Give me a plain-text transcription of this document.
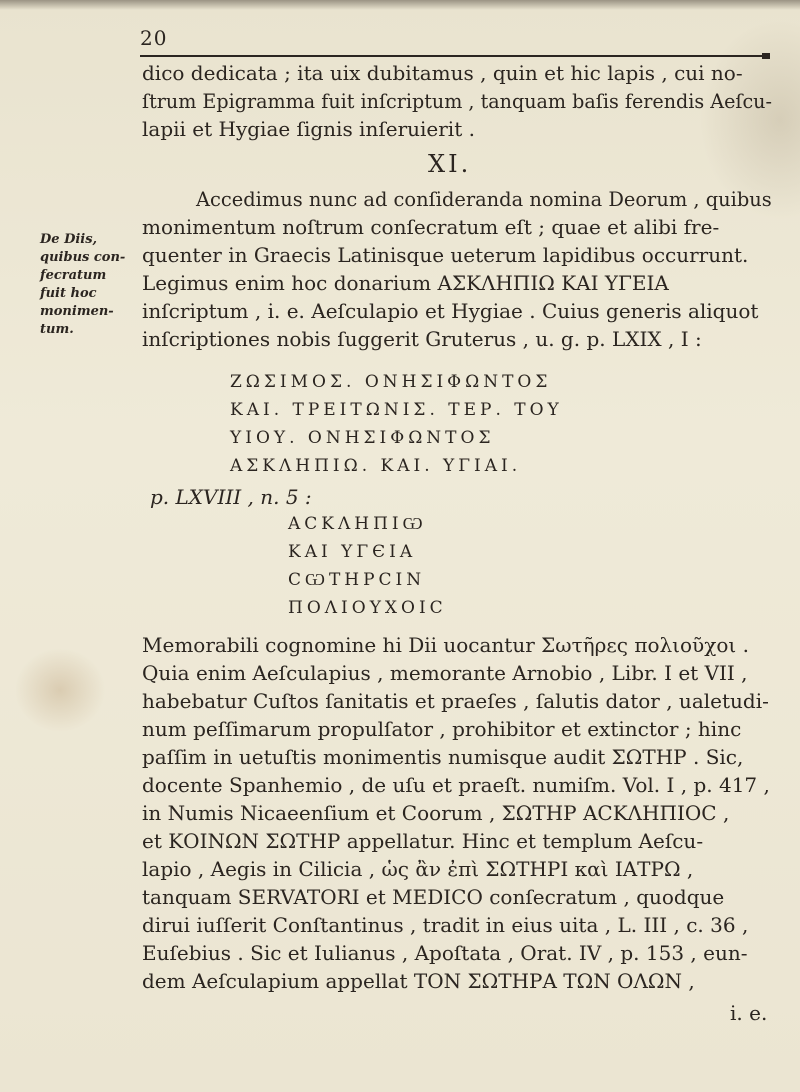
20
dico dedicata ; ita uix dubitamus , quin et hic lapis , cui no-
ſtrum Epigramma fuit inſcriptum , tanquam baſis ferendis Aeſcu-
lapii et Hygiae ſignis inſeruierit .
XI.
Accedimus nunc ad conſideranda nomina Deorum , quibus
monimentum noſtrum conſecratum eſt ; quae et alibi fre-
quenter in Graecis Latinisque ueterum lapidibus occurrunt.
Legimus enim hoc donarium ΑΣΚΛΗΠΙΩ ΚΑΙ ΥΓΕΙΑ
inſcriptum , i. e. Aeſculapio et Hygiae . Cuius generis aliquot
inſcriptiones nobis ſuggerit Gruterus , u. g. p. LXIX , I :
De Diis,
quibus con-
fecratum
fuit hoc
monimen-
tum.
ΖΩΣΙΜΟΣ. ΟΝΗΣΙΦΩΝΤΟΣ
ΚΑΙ. ΤΡΕΙΤΩΝΙΣ. ΤΕΡ. ΤΟΥ
ΥΙΟΥ. ΟΝΗΣΙΦΩΝΤΟΣ
ΑΣΚΛΗΠΙΩ. ΚΑΙ. ΥΓΙΑΙ.
p. LXVIII , n. 5 :
ΑCΚΛΗΠΙѠ
ΚΑΙ ΥΓЄΙΑ
CѠΤΗΡCΙΝ
ΠΟΛΙΟΥΧΟΙC
Memorabili cognomine hi Dii uocantur Σωτῆρες πολιοῦχοι .
Quia enim Aeſculapius , memorante Arnobio , Libr. I et VII ,
habebatur Cuſtos ſanitatis et praeſes , ſalutis dator , ualetudi-
num peſſimarum propulſator , prohibitor et extinctor ; hinc
paſſim in uetuſtis monimentis numisque audit ΣΩΤΗΡ . Sic,
docente Spanhemio , de uſu et praeſt. numiſm. Vol. I , p. 417 ,
in Numis Nicaeenſium et Coorum , ΣΩΤΗΡ ΑCΚΛΗΠΙΟC ,
et ΚΟΙΝΩΝ ΣΩΤΗΡ appellatur. Hinc et templum Aeſcu-
lapio , Aegis in Cilicia , ὡς ἂν ἐπὶ ΣΩΤΗΡΙ καὶ ΙΑΤΡΩ ,
tanquam SERVATORI et MEDICO conſecratum , quodque
dirui iuſſerit Conſtantinus , tradit in eius uita , L. III , c. 36 ,
Euſebius . Sic et Iulianus , Apoſtata , Orat. IV , p. 153 , eun-
dem Aeſculapium appellat ΤΟΝ ΣΩΤΗΡΑ ΤΩΝ ΟΛΩΝ ,
i. e.
